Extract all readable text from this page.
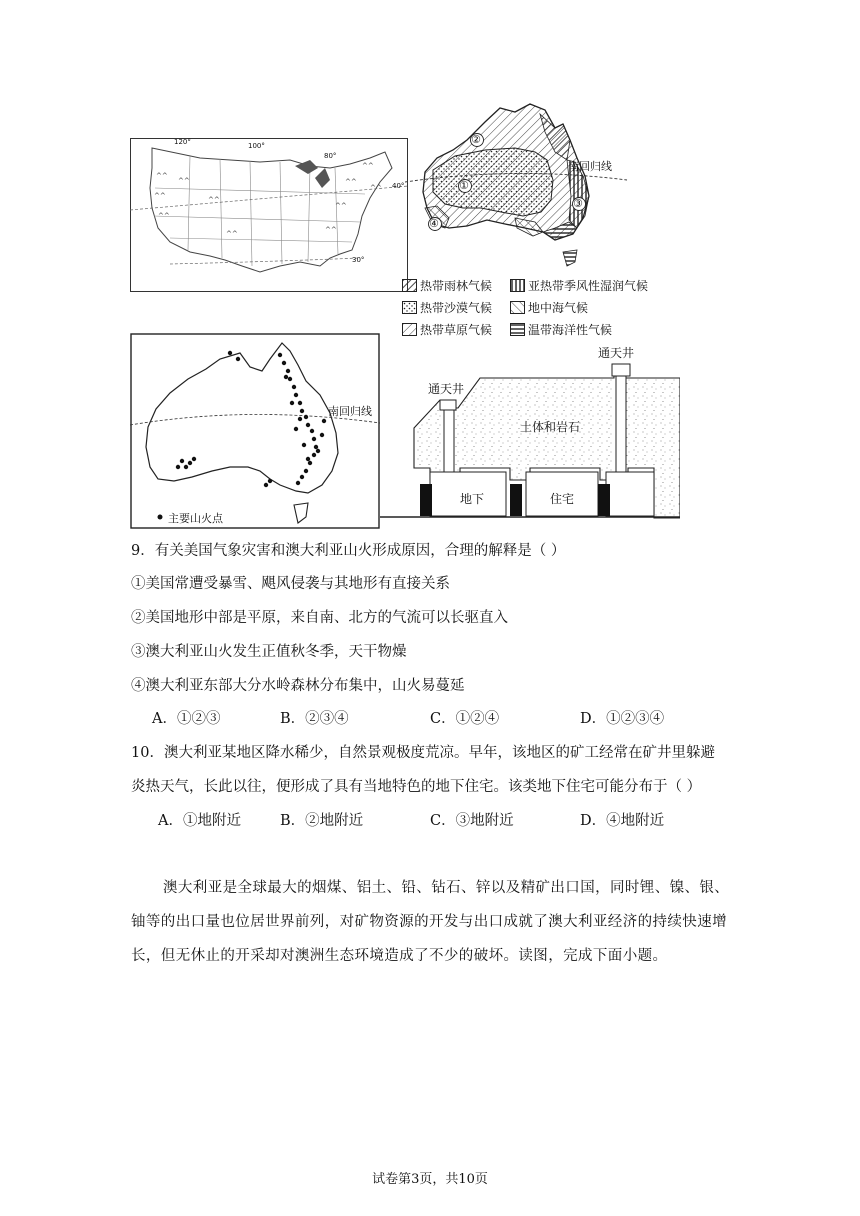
^^
^^
^^
^^
^^
^^
^^
^^
^^
^^
^^
120°	100°
80°
40°
30°
①
②
③
④
南回归线
热带雨林气候	亚热带季风性湿润气候
热带沙漠气候	地中海气候
热带草原气候	温带海洋性气候
南回归线
主要山火点
通天井
通天井
土体和岩石
地下	住宅
9．有关美国气象灾害和澳大利亚山火形成原因，合理的解释是（ ）
①美国常遭受暴雪、飓风侵袭与其地形有直接关系
②美国地形中部是平原，来自南、北方的气流可以长驱直入
③澳大利亚山火发生正值秋冬季，天干物燥
④澳大利亚东部大分水岭森林分布集中，山火易蔓延
A．①②③	B．②③④	C．①②④	D．①②③④
10．澳大利亚某地区降水稀少，自然景观极度荒凉。早年，该地区的矿工经常在矿井里躲避
炎热天气，长此以往，便形成了具有当地特色的地下住宅。该类地下住宅可能分布于（ ）
A．①地附近	B．②地附近	C．③地附近	D．④地附近
澳大利亚是全球最大的烟煤、铝土、铅、钻石、锌以及精矿出口国，同时锂、镍、银、
铀等的出口量也位居世界前列，对矿物资源的开发与出口成就了澳大利亚经济的持续快速增
长，但无休止的开采却对澳洲生态环境造成了不少的破坏。读图，完成下面小题。
试卷第3页，共10页
